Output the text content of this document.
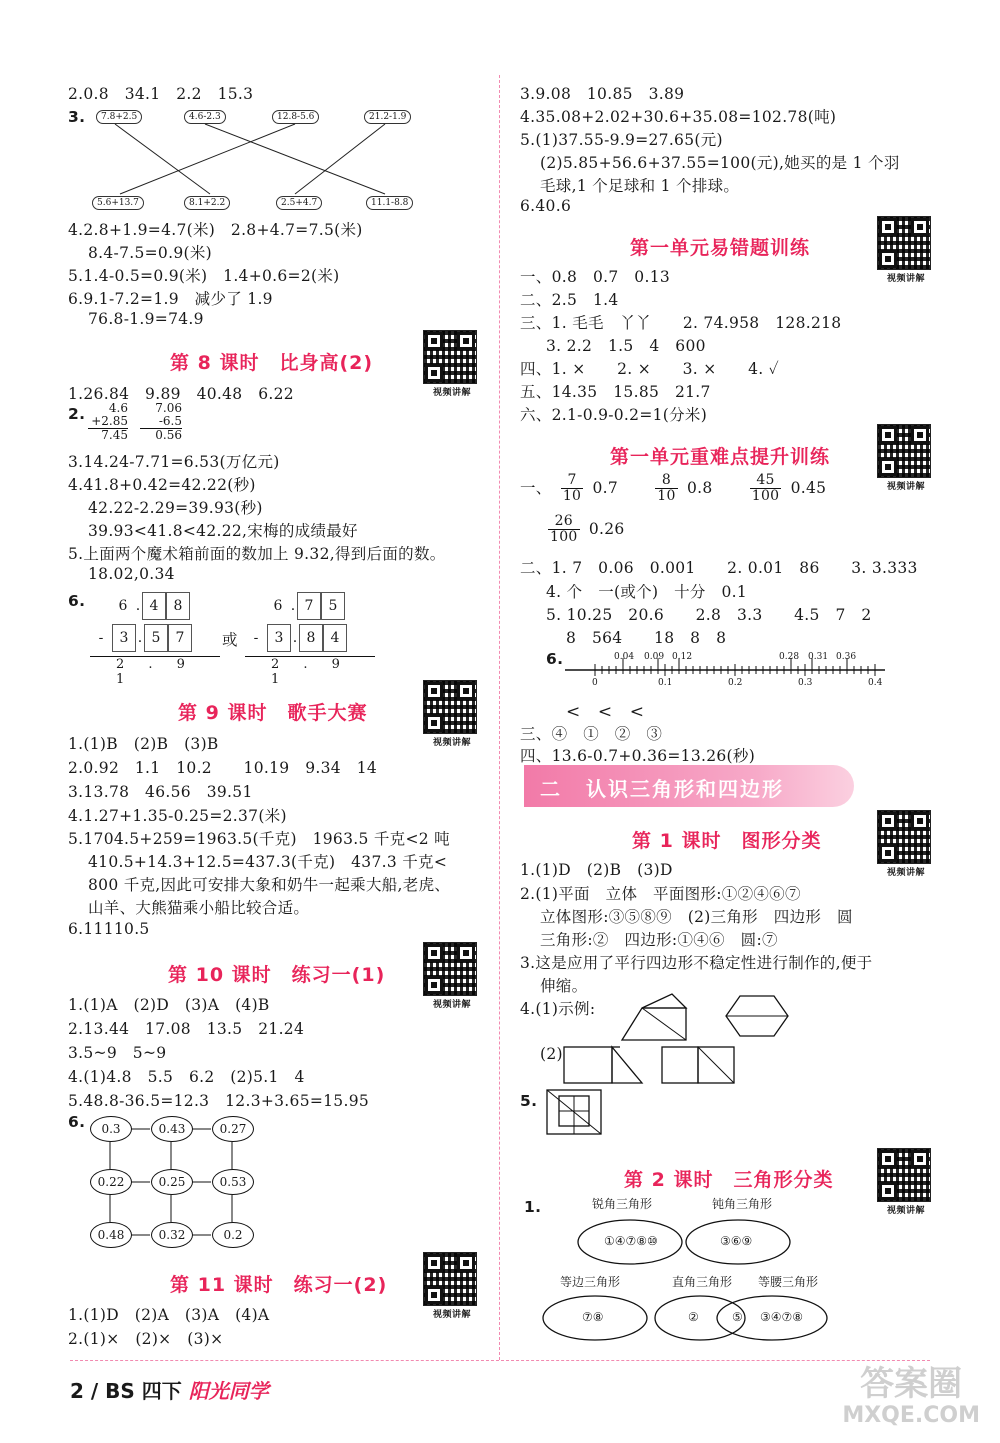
2.0.8　34.1　2.2　15.3
3.	7.8+2.5	4.6-2.3	12.8-5.6	21.2-1.9
5.6+13.7	8.1+2.2	2.5+4.7	11.1-8.8
4.2.8+1.9=4.7(米)　2.8+4.7=7.5(米)
8.4-7.5=0.9(米)
5.1.4-0.5=0.9(米)　1.4+0.6=2(米)
6.9.1-7.2=1.9　减少了 1.9
76.8-1.9=74.9
第 8 课时　比身高(2)
视频讲解
1.26.84　9.89　40.48　6.22
2.	4.6
+2.85
7.45
7.06
-6.5
0.56
3.14.24-7.71=6.53(万亿元)
4.41.8+0.42=42.22(秒)
42.22-2.29=39.93(秒)
39.93<41.8<42.22,宋梅的成绩最好
5.上面两个魔术箱前面的数加上 9.32,得到后面的数。
18.02,0.34
6.	6 . 4 8
- 3 . 5 7
2 . 9 1
或
6 . 7 5
- 3 . 8 4
2 . 9 1
第 9 课时　歌手大赛
视频讲解
1.(1)B　(2)B　(3)B
2.0.92　1.1　10.2　　10.19　9.34　14
3.13.78　46.56　39.51
4.1.27+1.35-0.25=2.37(米)
5.1704.5+259=1963.5(千克)　1963.5 千克<2 吨
410.5+14.3+12.5=437.3(千克)　437.3 千克<
800 千克,因此可安排大象和奶牛一起乘大船,老虎、
山羊、大熊猫乘小船比较合适。
6.11110.5
第 10 课时　练习一(1)
视频讲解
1.(1)A　(2)D　(3)A　(4)B
2.13.44　17.08　13.5　21.24
3.5~9　5~9
4.(1)4.8　5.5　6.2　(2)5.1　4
5.48.8-36.5=12.3　12.3+3.65=15.95
6.	0.3	0.43	0.27
0.22	0.25	0.53
0.48	0.32	0.2
第 11 课时　练习一(2)
视频讲解
1.(1)D　(2)A　(3)A　(4)A
2.(1)×　(2)×　(3)×
3.9.08　10.85　3.89
4.35.08+2.02+30.6+35.08=102.78(吨)
5.(1)37.55-9.9=27.65(元)
(2)5.85+56.6+37.55=100(元),她买的是 1 个羽
毛球,1 个足球和 1 个排球。
6.40.6
第一单元易错题训练
视频讲解
一、0.8　0.7　0.13
二、2.5　1.4
三、1. 毛毛　丫丫　　2. 74.958　128.218
3. 2.2　1.5　4　600
四、1. ×　　2. ×　　3. ×　　4. ✓
五、14.35　15.85　21.7
六、2.1-0.9-0.2=1(分米)
第一单元重难点提升训练
视频讲解
一、 $\frac{7}{10} 0.7$	$\frac{8}{10} 0.8$	$\frac{45}{100} 0.45$
$\frac{26}{100} 0.26$
二、1. 7　0.06　0.001　　2. 0.01　86　　3. 3.333
4. 个　一(或个)　十分　0.1
5. 10.25　20.6　　2.8　3.3　　4.5　7　2
8　564　　18　8　8
6.	0.04 0.09 0.12	0.28 0.31 0.36
0	0.1	0.2	0.3	0.4
<　<　<
三、④　①　②　③
四、13.6-0.7+0.36=13.26(秒)
二 认识三角形和四边形
第 1 课时　图形分类
视频讲解
1.(1)D　(2)B　(3)D
2.(1)平面　立体　平面图形:①②④⑥⑦
立体图形:③⑤⑧⑨　(2)三角形　四边形　圆
三角形:②　四边形:①④⑥　圆:⑦
3.这是应用了平行四边形不稳定性进行制作的,便于
伸缩。
4.(1)示例:
(2)
5.
第 2 课时　三角形分类
视频讲解
1.	锐角三角形	钝角三角形
①④⑦⑧⑩	③⑥⑨
等边三角形	直角三角形 等腰三角形
⑦⑧	②	⑤ ③④⑦⑧
2 / BS 四下 阳光同学	答案圈
MXQE.COM
